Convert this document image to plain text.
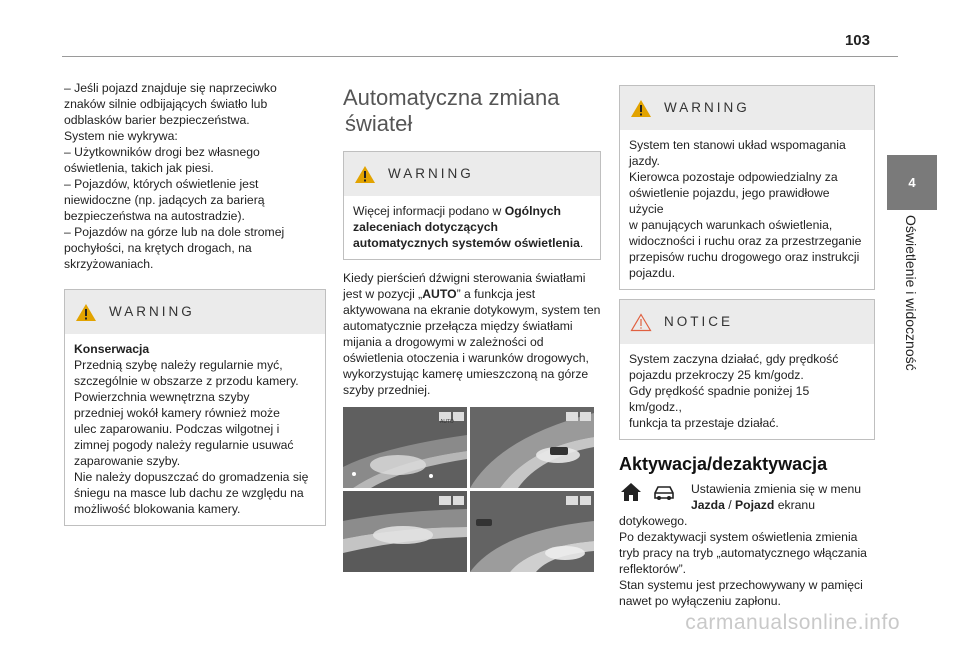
103
4
Oświetlenie i widoczność

– Jeśli pojazd znajduje się naprzeciwko

znaków silnie odbijających światło lub

odblasków barier bezpieczeństwa.

System nie wykrywa:

– Użytkowników drogi bez własnego

oświetlenia, takich jak piesi.

– Pojazdów, których oświetlenie jest

niewidoczne (np. jadących za barierą

bezpieczeństwa na autostradzie).

– Pojazdów na górze lub na dole stromej

pochyłości, na krętych drogach, na

skrzyżowaniach.

WARNING

Konserwacja

Przednią szybę należy regularnie myć,

szczególnie w obszarze z przodu kamery.

Powierzchnia wewnętrzna szyby

przedniej wokół kamery również może

ulec zaparowaniu. Podczas wilgotnej i

zimnej pogody należy regularnie usuwać

zaparowanie szyby.

Nie należy dopuszczać do gromadzenia się

śniegu na masce lub dachu ze względu na

możliwość blokowania kamery.

Automatyczna zmiana
świateł
WARNING
Więcej informacji podano w Ogólnych zaleceniach dotyczących automatycznych systemów oświetlenia.

Kiedy pierścień dźwigni sterowania światłami jest w pozycji „AUTO” a funkcja jest aktywowana na ekranie dotykowym, system ten automatycznie przełącza między światłami mijania a drogowymi w zależności od oświetlenia otoczenia i warunków drogowych, wykorzystując kamerę umieszczoną na górze szyby przedniej.

AUTO
WARNING

System ten stanowi układ wspomagania

jazdy.

Kierowca pozostaje odpowiedzialny za

oświetlenie pojazdu, jego prawidłowe użycie

w panujących warunkach oświetlenia,

widoczności i ruchu oraz za przestrzeganie

przepisów ruchu drogowego oraz instrukcji

pojazdu.

NOTICE

System zaczyna działać, gdy prędkość

pojazdu przekroczy 25 km/godz.

Gdy prędkość spadnie poniżej 15 km/godz.,

funkcja ta przestaje działać.

Aktywacja/dezaktywacja
Ustawienia zmienia się w menu
Jazda / Pojazd ekranu

dotykowego.

Po dezaktywacji system oświetlenia zmienia

tryb pracy na tryb „automatycznego włączania

reflektorów”.

Stan systemu jest przechowywany w pamięci

nawet po wyłączeniu zapłonu.

carmanualsonline.info
